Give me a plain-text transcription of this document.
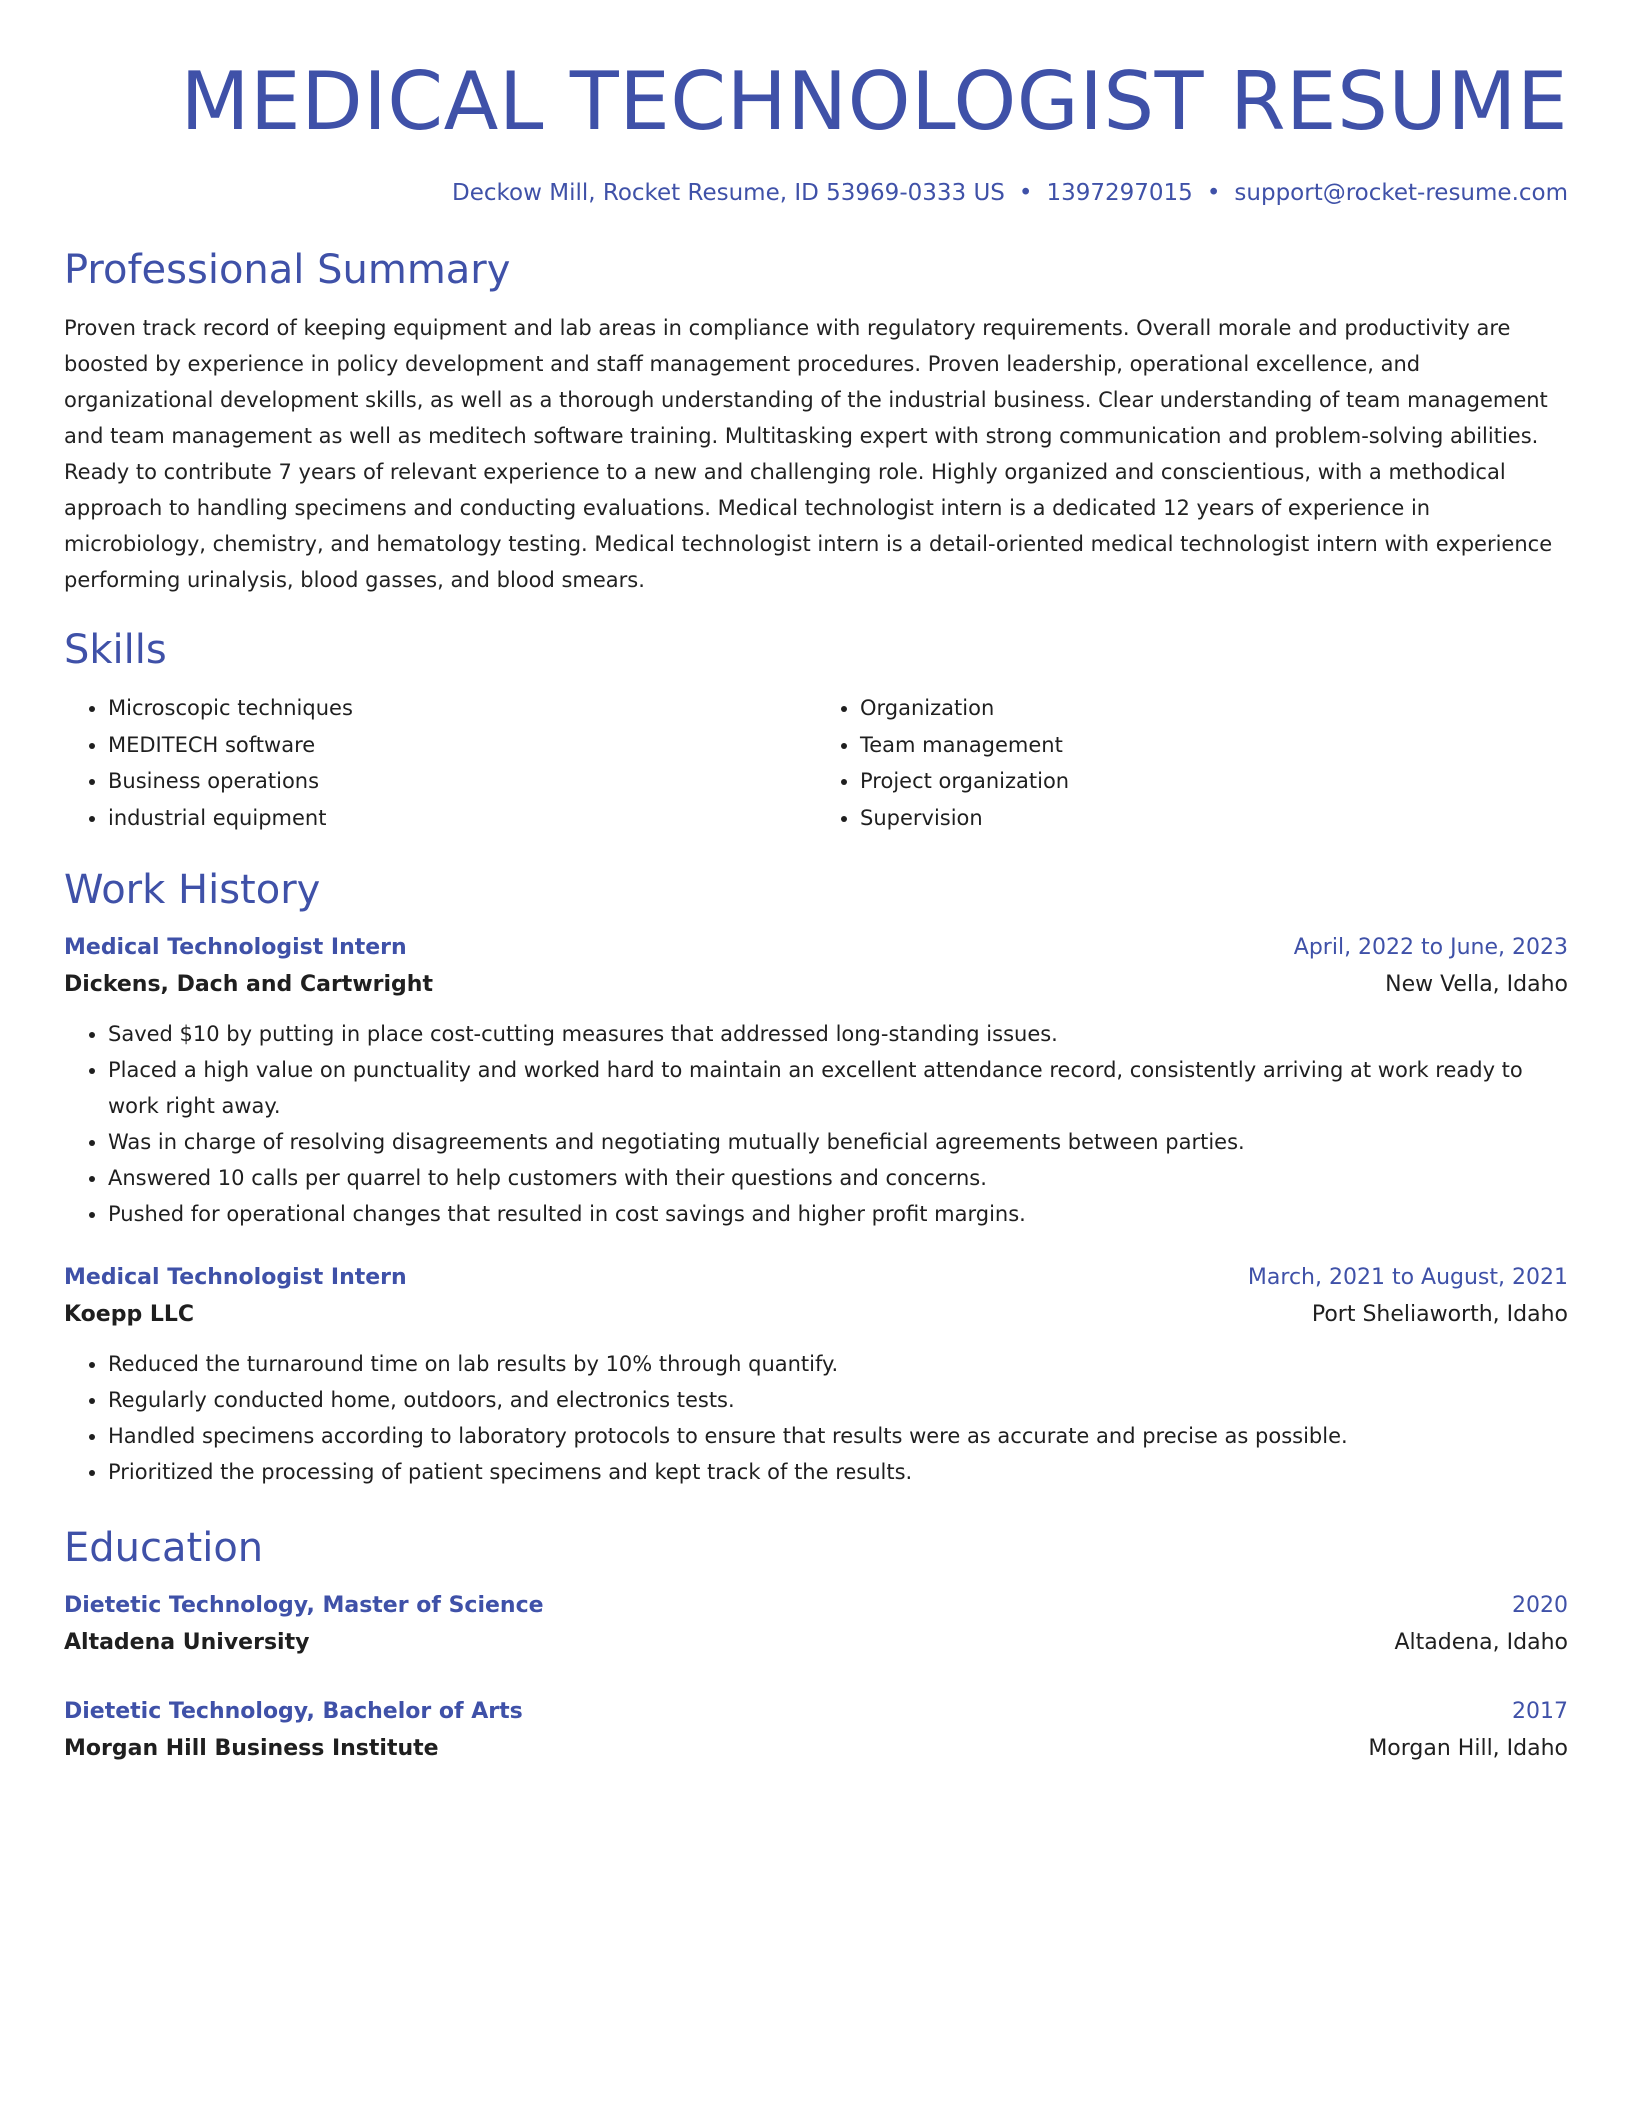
MEDICAL TECHNOLOGIST RESUME
Deckow Mill, Rocket Resume, ID 53969-0333 US • 1397297015 • support@rocket-resume.com
Professional Summary
Proven track record of keeping equipment and lab areas in compliance with regulatory requirements. Overall morale and productivity are boosted by experience in policy development and staff management procedures. Proven leadership, operational excellence, and organizational development skills, as well as a thorough understanding of the industrial business. Clear understanding of team management and team management as well as meditech software training. Multitasking expert with strong communication and problem-solving abilities. Ready to contribute 7 years of relevant experience to a new and challenging role. Highly organized and conscientious, with a methodical approach to handling specimens and conducting evaluations. Medical technologist intern is a dedicated 12 years of experience in microbiology, chemistry, and hematology testing. Medical technologist intern is a detail-oriented medical technologist intern with experience performing urinalysis, blood gasses, and blood smears.
Skills
• Microscopic techniques
• MEDITECH software
• Business operations
• industrial equipment
• Organization
• Team management
• Project organization
• Supervision
Work History
Medical Technologist Intern	April, 2022 to June, 2023
Dickens, Dach and Cartwright	New Vella, Idaho
• Saved $10 by putting in place cost-cutting measures that addressed long-standing issues.
• Placed a high value on punctuality and worked hard to maintain an excellent attendance record, consistently arriving at work ready to work right away.
• Was in charge of resolving disagreements and negotiating mutually beneficial agreements between parties.
• Answered 10 calls per quarrel to help customers with their questions and concerns.
• Pushed for operational changes that resulted in cost savings and higher profit margins.
Medical Technologist Intern	March, 2021 to August, 2021
Koepp LLC	Port Sheliaworth, Idaho
• Reduced the turnaround time on lab results by 10% through quantify.
• Regularly conducted home, outdoors, and electronics tests.
• Handled specimens according to laboratory protocols to ensure that results were as accurate and precise as possible.
• Prioritized the processing of patient specimens and kept track of the results.
Education
Dietetic Technology, Master of Science	2020
Altadena University	Altadena, Idaho
Dietetic Technology, Bachelor of Arts	2017
Morgan Hill Business Institute	Morgan Hill, Idaho
